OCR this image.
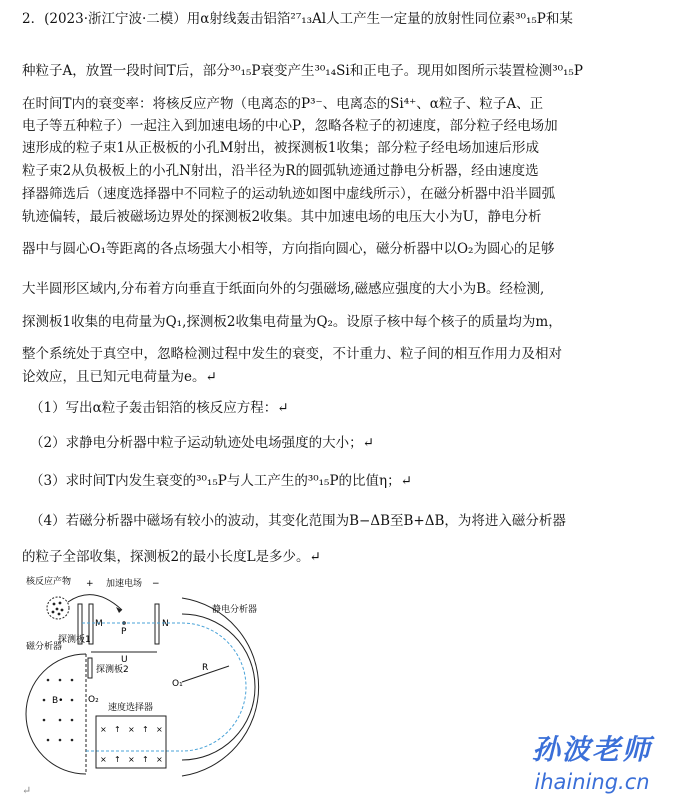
2．(2023·浙江宁波·二模）用α射线轰击铝箔²⁷₁₃Al人工产生一定量的放射性同位素³⁰₁₅P和某
种粒子A，放置一段时间T后，部分³⁰₁₅P衰变产生³⁰₁₄Si和正电子。现用如图所示装置检测³⁰₁₅P
在时间T内的衰变率：将核反应产物（电离态的P³⁻、电离态的Si⁴⁺、α粒子、粒子A、正
电子等五种粒子）一起注入到加速电场的中心P，忽略各粒子的初速度，部分粒子经电场加
速形成的粒子束1从正极板的小孔M射出，被探测板1收集；部分粒子经电场加速后形成
粒子束2从负极板上的小孔N射出，沿半径为R的圆弧轨迹通过静电分析器，经由速度选
择器筛选后（速度选择器中不同粒子的运动轨迹如图中虚线所示），在磁分析器中沿半圆弧
轨迹偏转，最后被磁场边界处的探测板2收集。其中加速电场的电压大小为U，静电分析
器中与圆心O₁等距离的各点场强大小相等，方向指向圆心，磁分析器中以O₂为圆心的足够
大半圆形区域内,分布着方向垂直于纸面向外的匀强磁场,磁感应强度的大小为B。经检测,
探测板1收集的电荷量为Q₁,探测板2收集电荷量为Q₂。设原子核中每个核子的质量均为m，
整个系统处于真空中，忽略检测过程中发生的衰变，不计重力、粒子间的相互作用力及相对
论效应，且已知元电荷量为e。↵
（1）写出α粒子轰击铝箔的核反应方程：↵
（2）求静电分析器中粒子运动轨迹处电场强度的大小；↵
（3）求时间T内发生衰变的³⁰₁₅P与人工产生的³⁰₁₅P的比值η；↵
（4）若磁分析器中磁场有较小的波动，其变化范围为B−ΔB至B+ΔB，为将进入磁分析器
的粒子全部收集，探测板2的最小长度L是多少。↵
核反应产物 + 加速电场 −
M	N
P
U
探测板1
静电分析器
O₁
R
磁分析器
B•	O₂
探测板2
速度选择器
× ↑ × ↑ ×
× ↑ × ↑ ×	孙波老师
ihaining.cn
↵
